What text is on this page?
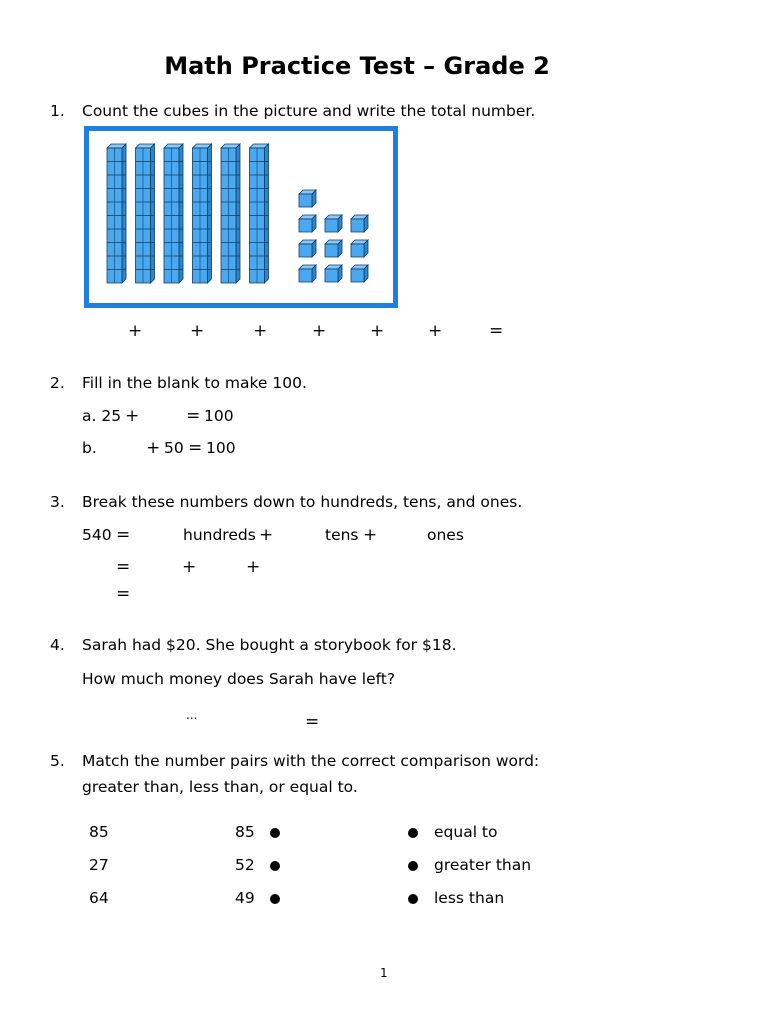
Math Practice Test – Grade 2
1. Count the cubes in the picture and write the total number.
+	+	+	+	+	+	=
2. Fill in the blank to make 100.
a. 25 +	= 100
b.	+ 50 = 100
3. Break these numbers down to hundreds, tens, and ones.
540 =	hundreds +	tens +	ones
=	+	+
=
4. Sarah had $20. She bought a storybook for $18.
How much money does Sarah have left?
...	=
5. Match the number pairs with the correct comparison word:
greater than, less than, or equal to.
85	85	equal to
27	52	greater than
64	49	less than
1
